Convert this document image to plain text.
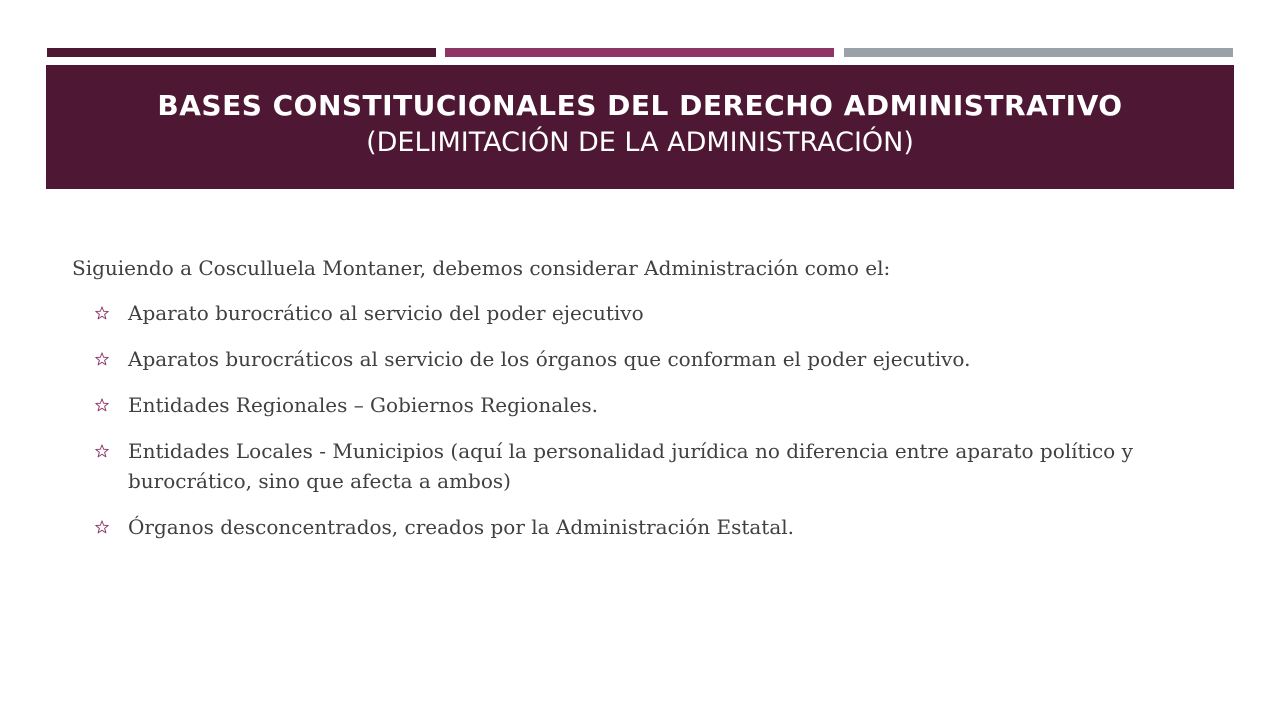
BASES CONSTITUCIONALES DEL DERECHO ADMINISTRATIVO
(DELIMITACIÓN DE LA ADMINISTRACIÓN)

Siguiendo a Cosculluela Montaner, debemos considerar Administración como el:

Aparato burocrático al servicio del poder ejecutivo
Aparatos burocráticos al servicio de los órganos que conforman el poder ejecutivo.
Entidades Regionales – Gobiernos Regionales.
Entidades Locales - Municipios (aquí la personalidad jurídica no diferencia entre aparato político y burocrático, sino que afecta a ambos)
Órganos desconcentrados, creados por la Administración Estatal.
